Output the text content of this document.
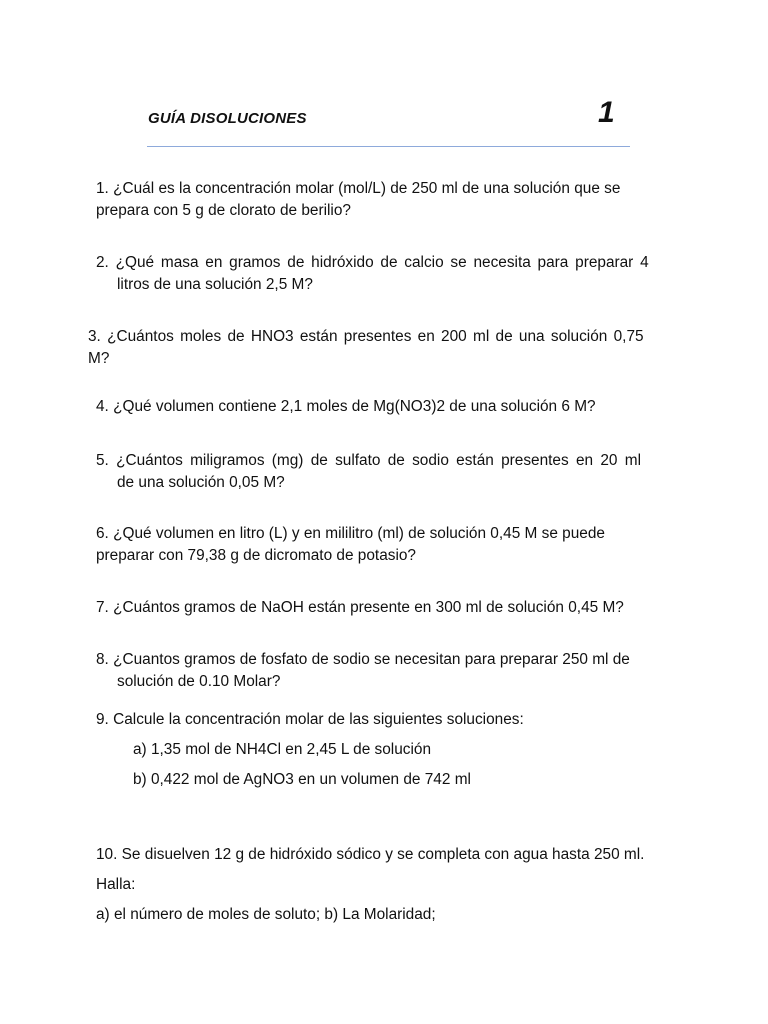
GUÍA DISOLUCIONES	1
1. ¿Cuál es la concentración molar (mol/L) de 250 ml de una solución que se
prepara con 5 g de clorato de berilio?
2. ¿Qué masa en gramos de hidróxido de calcio se necesita para preparar 4
litros de una solución 2,5 M?
3. ¿Cuántos moles de HNO3 están presentes en 200 ml de una solución 0,75
M?
4. ¿Qué volumen contiene 2,1 moles de Mg(NO3)2 de una solución 6 M?
5. ¿Cuántos miligramos (mg) de sulfato de sodio están presentes en 20 ml
de una solución 0,05 M?
6. ¿Qué volumen en litro (L) y en mililitro (ml) de solución 0,45 M se puede
preparar con 79,38 g de dicromato de potasio?
7. ¿Cuántos gramos de NaOH están presente en 300 ml de solución 0,45 M?
8. ¿Cuantos gramos de fosfato de sodio se necesitan para preparar 250 ml de
solución de 0.10 Molar?
9. Calcule la concentración molar de las siguientes soluciones:
a) 1,35 mol de NH4Cl en 2,45 L de solución
b) 0,422 mol de AgNO3 en un volumen de 742 ml
10. Se disuelven 12 g de hidróxido sódico y se completa con agua hasta 250 ml.
Halla:
a) el número de moles de soluto; b) La Molaridad;
